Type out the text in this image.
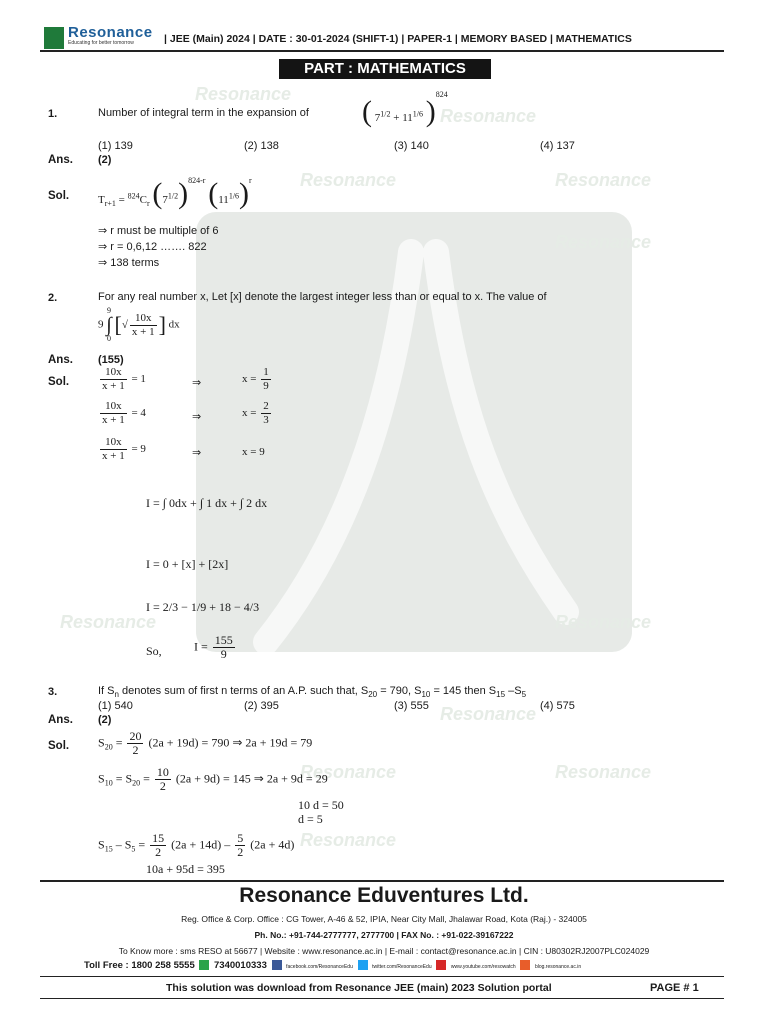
Resonance
Educating for better tomorrow	| JEE (Main) 2024 | DATE : 30-01-2024 (SHIFT-1) | PAPER-1 | MEMORY BASED | MATHEMATICS
PART : MATHEMATICS
Resonance
Resonance
Resonance	Resonance
Resonance
Resonance	Resonance
Resonance
Resonance	Resonance
Resonance
1.	Number of integral term in the expansion of ( $7^{1/2} + 11^{1/6}$ )$^{824}$
(1) 139	(2) 138	(3) 140	(4) 137
Ans. (2)
Sol.	$T_{r+1} = ^{824}C_r$ $(7^{1/2})^{824-r}$ $(11^{1/6})^r$
⇒ r must be multiple of 6
⇒ r = 0,6,12 ……. 822
⇒ 138 terms
2.	For any real number x, Let [x] denote the largest integer less than or equal to x. The value of
9
9
∫
0
[√ $\frac{10x}{x + 1}$ ] dx
Ans. (155)
Sol.	$\frac{10x}{x + 1} = 1$	⇒	$x = \frac{1}{9}$
$\frac{10x}{x + 1} = 4$	⇒	$x = \frac{2}{3}$
$\frac{10x}{x + 1} = 9$	⇒	x = 9
I = ∫ 0dx + ∫ 1 dx + ∫ 2 dx
I = 0 + [x] + [2x]
I = 2/3 − 1/9 + 18 − 4/3
So,	$I = \frac{155}{9}$
3.	If $S_n$ denotes sum of first n terms of an A.P. such that, $S_{20} = 790$, $S_{10} = 145$ then $S_{15}$ $-S_5$
(1) 540	(2) 395	(3) 555	(4) 575
Ans. (2)
Sol. $S_{20} = \frac{20}{2} (2a + 19d) = 790$ ⇒ 2a + 19d = 79
$S_{10} = S_{20} = \frac{10}{2} (2a + 9d) = 145$ ⇒ 2a + 9d = 29
10 d = 50
d = 5
$S_{15} - S_5 = \frac{15}{2} (2a + 14d) - \frac{5}{2} (2a + 4d)$
10a + 95d = 395
Resonance Eduventures Ltd.
Reg. Office & Corp. Office : CG Tower, A-46 & 52, IPIA, Near City Mall, Jhalawar Road, Kota (Raj.) - 324005
Ph. No.: +91-744-2777777, 2777700 | FAX No. : +91-022-39167222
To Know more : sms RESO at 56677 | Website : www.resonance.ac.in | E-mail : contact@resonance.ac.in | CIN : U80302RJ2007PLC024029
Toll Free : 1800 258 5555 7340010333	facebook.com/ResonanceEdu	twitter.com/ResonanceEdu	www.youtube.com/resowatch	blog.resonance.ac.in
This solution was download from Resonance JEE (main) 2023 Solution portal	PAGE # 1
